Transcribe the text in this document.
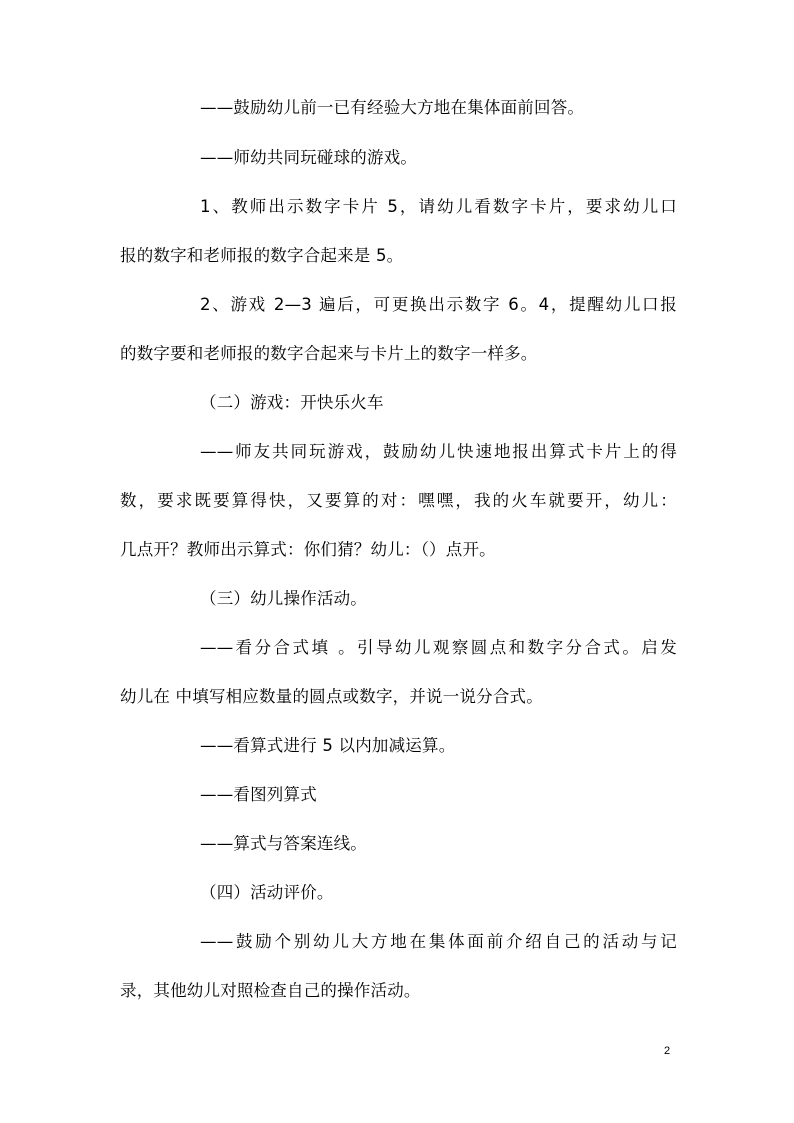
——鼓励幼儿前一已有经验大方地在集体面前回答。
——师幼共同玩碰球的游戏。
1、教师出示数字卡片 5，请幼儿看数字卡片，要求幼儿口
报的数字和老师报的数字合起来是 5。
2、游戏 2—3 遍后，可更换出示数字 6。4，提醒幼儿口报
的数字要和老师报的数字合起来与卡片上的数字一样多。
（二）游戏：开快乐火车
——师友共同玩游戏，鼓励幼儿快速地报出算式卡片上的得
数，要求既要算得快，又要算的对：嘿嘿，我的火车就要开，幼儿：
几点开？教师出示算式：你们猜？幼儿：（）点开。
（三）幼儿操作活动。
——看分合式填 。引导幼儿观察圆点和数字分合式。启发
幼儿在 中填写相应数量的圆点或数字，并说一说分合式。
——看算式进行 5 以内加减运算。
——看图列算式
——算式与答案连线。
（四）活动评价。
——鼓励个别幼儿大方地在集体面前介绍自己的活动与记
录，其他幼儿对照检查自己的操作活动。
2
